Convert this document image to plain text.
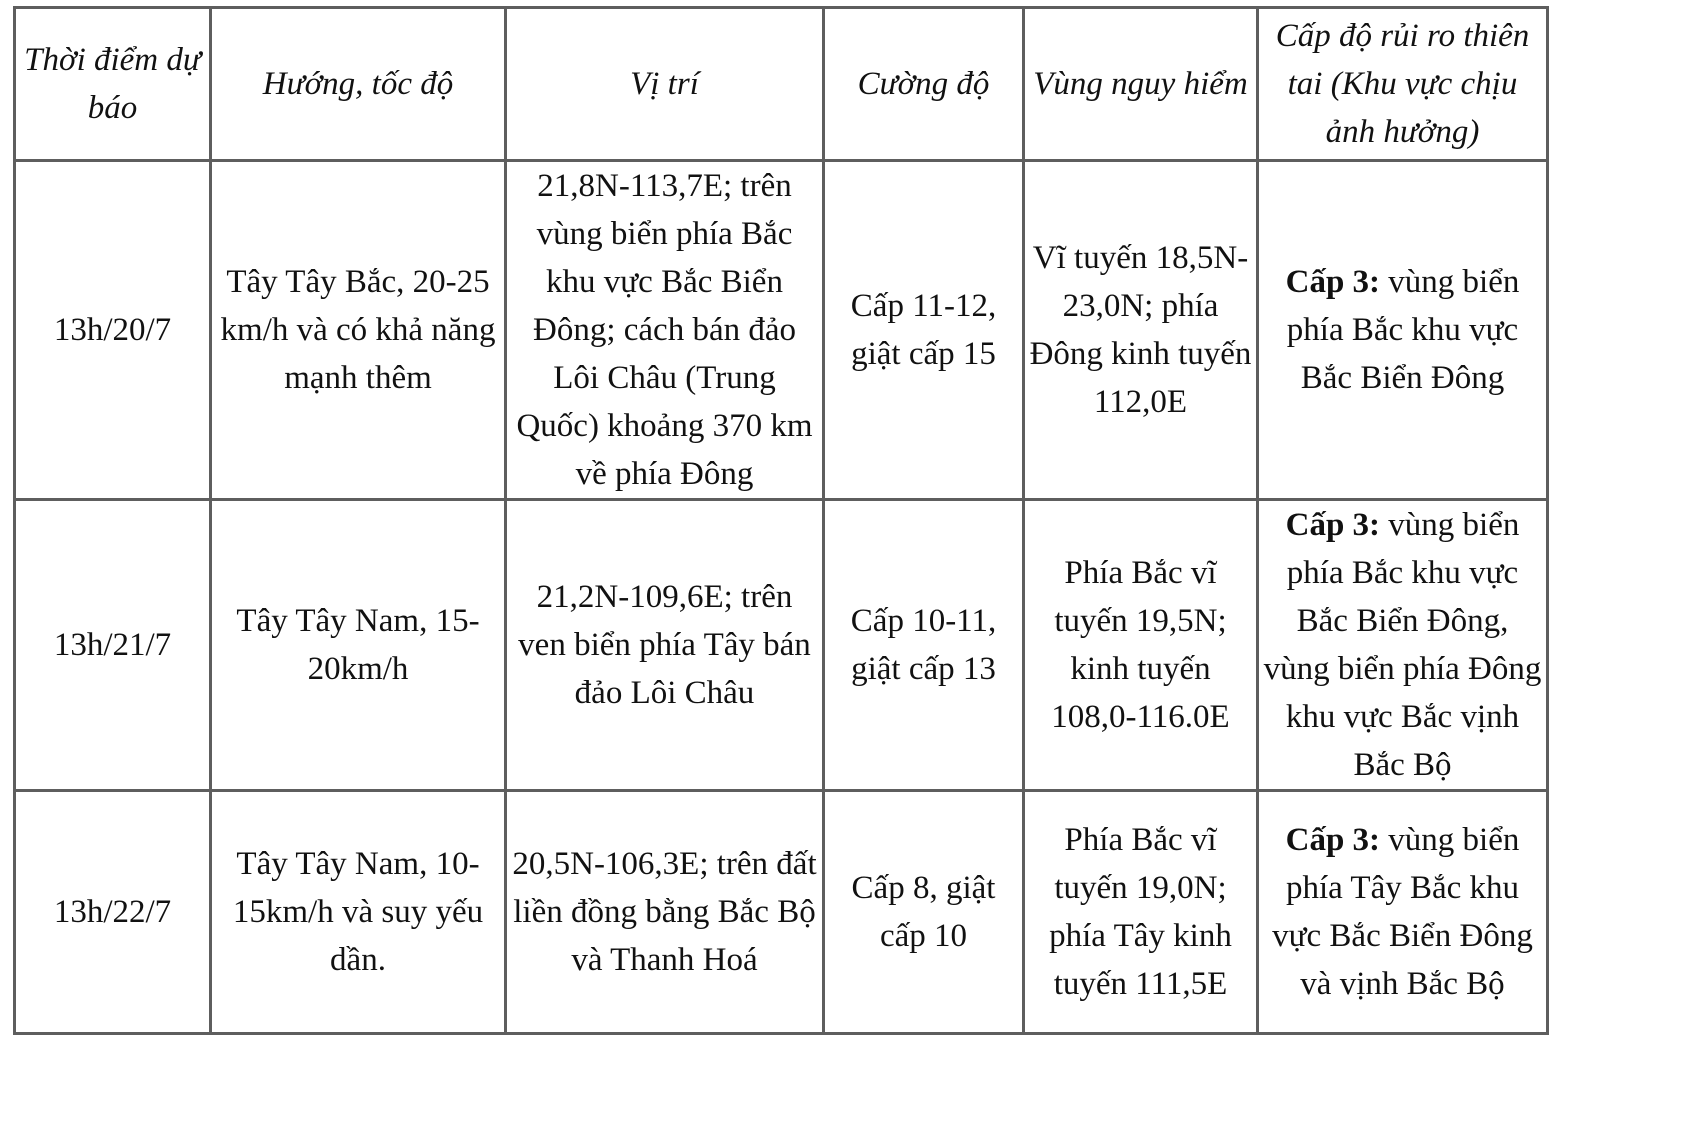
Thời điểm dự báo	Hướng, tốc độ	Vị trí	Cường độ	Vùng nguy hiểm	Cấp độ rủi ro thiên tai (Khu vực chịu ảnh hưởng)
13h/20/7	Tây Tây Bắc, 20-25 km/h và có khả năng mạnh thêm	21,8N-113,7E; trên vùng biển phía Bắc khu vực Bắc Biển Đông; cách bán đảo Lôi Châu (Trung Quốc) khoảng 370 km về phía Đông	Cấp 11-12, giật cấp 15	Vĩ tuyến 18,5N-23,0N; phía Đông kinh tuyến 112,0E	Cấp 3: vùng biển phía Bắc khu vực Bắc Biển Đông
13h/21/7	Tây Tây Nam, 15-20km/h	21,2N-109,6E; trên ven biển phía Tây bán đảo Lôi Châu	Cấp 10-11, giật cấp 13	Phía Bắc vĩ tuyến 19,5N; kinh tuyến 108,0-116.0E	Cấp 3: vùng biển phía Bắc khu vực Bắc Biển Đông, vùng biển phía Đông khu vực Bắc vịnh Bắc Bộ
13h/22/7	Tây Tây Nam, 10-15km/h và suy yếu dần.	20,5N-106,3E; trên đất liền đồng bằng Bắc Bộ và Thanh Hoá	Cấp 8, giật cấp 10	Phía Bắc vĩ tuyến 19,0N; phía Tây kinh tuyến 111,5E	Cấp 3: vùng biển phía Tây Bắc khu vực Bắc Biển Đông và vịnh Bắc Bộ
